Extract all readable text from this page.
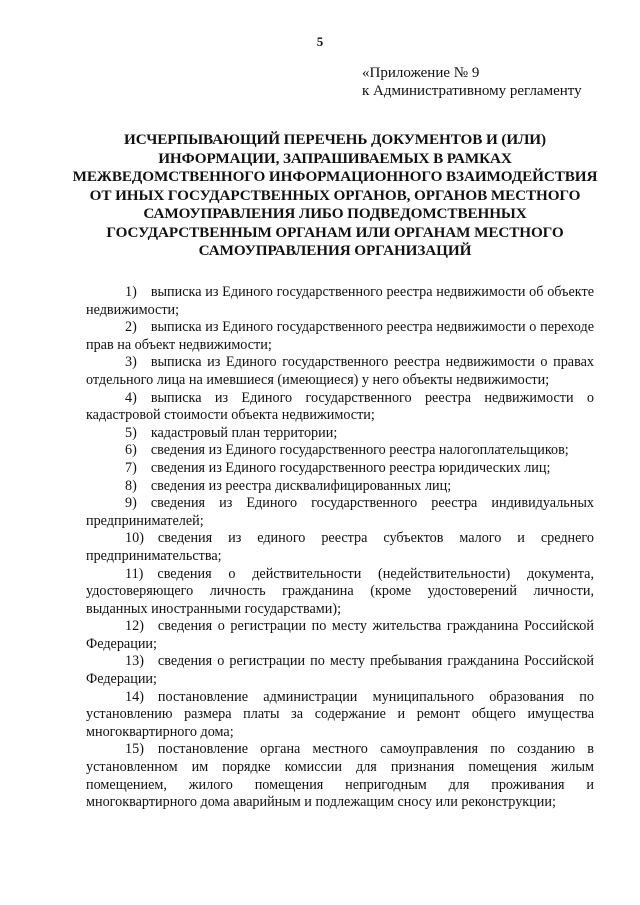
5
«Приложение № 9
к Административному регламенту
ИСЧЕРПЫВАЮЩИЙ ПЕРЕЧЕНЬ ДОКУМЕНТОВ И (ИЛИ) ИНФОРМАЦИИ, ЗАПРАШИВАЕМЫХ В РАМКАХ МЕЖВЕДОМСТВЕННОГО ИНФОРМАЦИОННОГО ВЗАИМОДЕЙСТВИЯ ОТ ИНЫХ ГОСУДАРСТВЕННЫХ ОРГАНОВ, ОРГАНОВ МЕСТНОГО САМОУПРАВЛЕНИЯ ЛИБО ПОДВЕДОМСТВЕННЫХ ГОСУДАРСТВЕННЫМ ОРГАНАМ ИЛИ ОРГАНАМ МЕСТНОГО САМОУПРАВЛЕНИЯ ОРГАНИЗАЦИЙ

1) выписка из Единого государственного реестра недвижимости об объекте недвижимости;

2) выписка из Единого государственного реестра недвижимости о переходе прав на объект недвижимости;

3) выписка из Единого государственного реестра недвижимости о правах отдельного лица на имевшиеся (имеющиеся) у него объекты недвижимости;

4) выписка из Единого государственного реестра недвижимости о кадастровой стоимости объекта недвижимости;

5) кадастровый план территории;

6) сведения из Единого государственного реестра налогоплательщиков;

7) сведения из Единого государственного реестра юридических лиц;

8) сведения из реестра дисквалифицированных лиц;

9) сведения из Единого государственного реестра индивидуальных предпринимателей;

10) сведения из единого реестра субъектов малого и среднего предпринимательства;

11) сведения о действительности (недействительности) документа, удостоверяющего личность гражданина (кроме удостоверений личности, выданных иностранными государствами);

12) сведения о регистрации по месту жительства гражданина Российской Федерации;

13) сведения о регистрации по месту пребывания гражданина Российской Федерации;

14) постановление администрации муниципального образования по установлению размера платы за содержание и ремонт общего имущества многоквартирного дома;

15) постановление органа местного самоуправления по созданию в установленном им порядке комиссии для признания помещения жилым помещением, жилого помещения непригодным для проживания и многоквартирного дома аварийным и подлежащим сносу или реконструкции;
